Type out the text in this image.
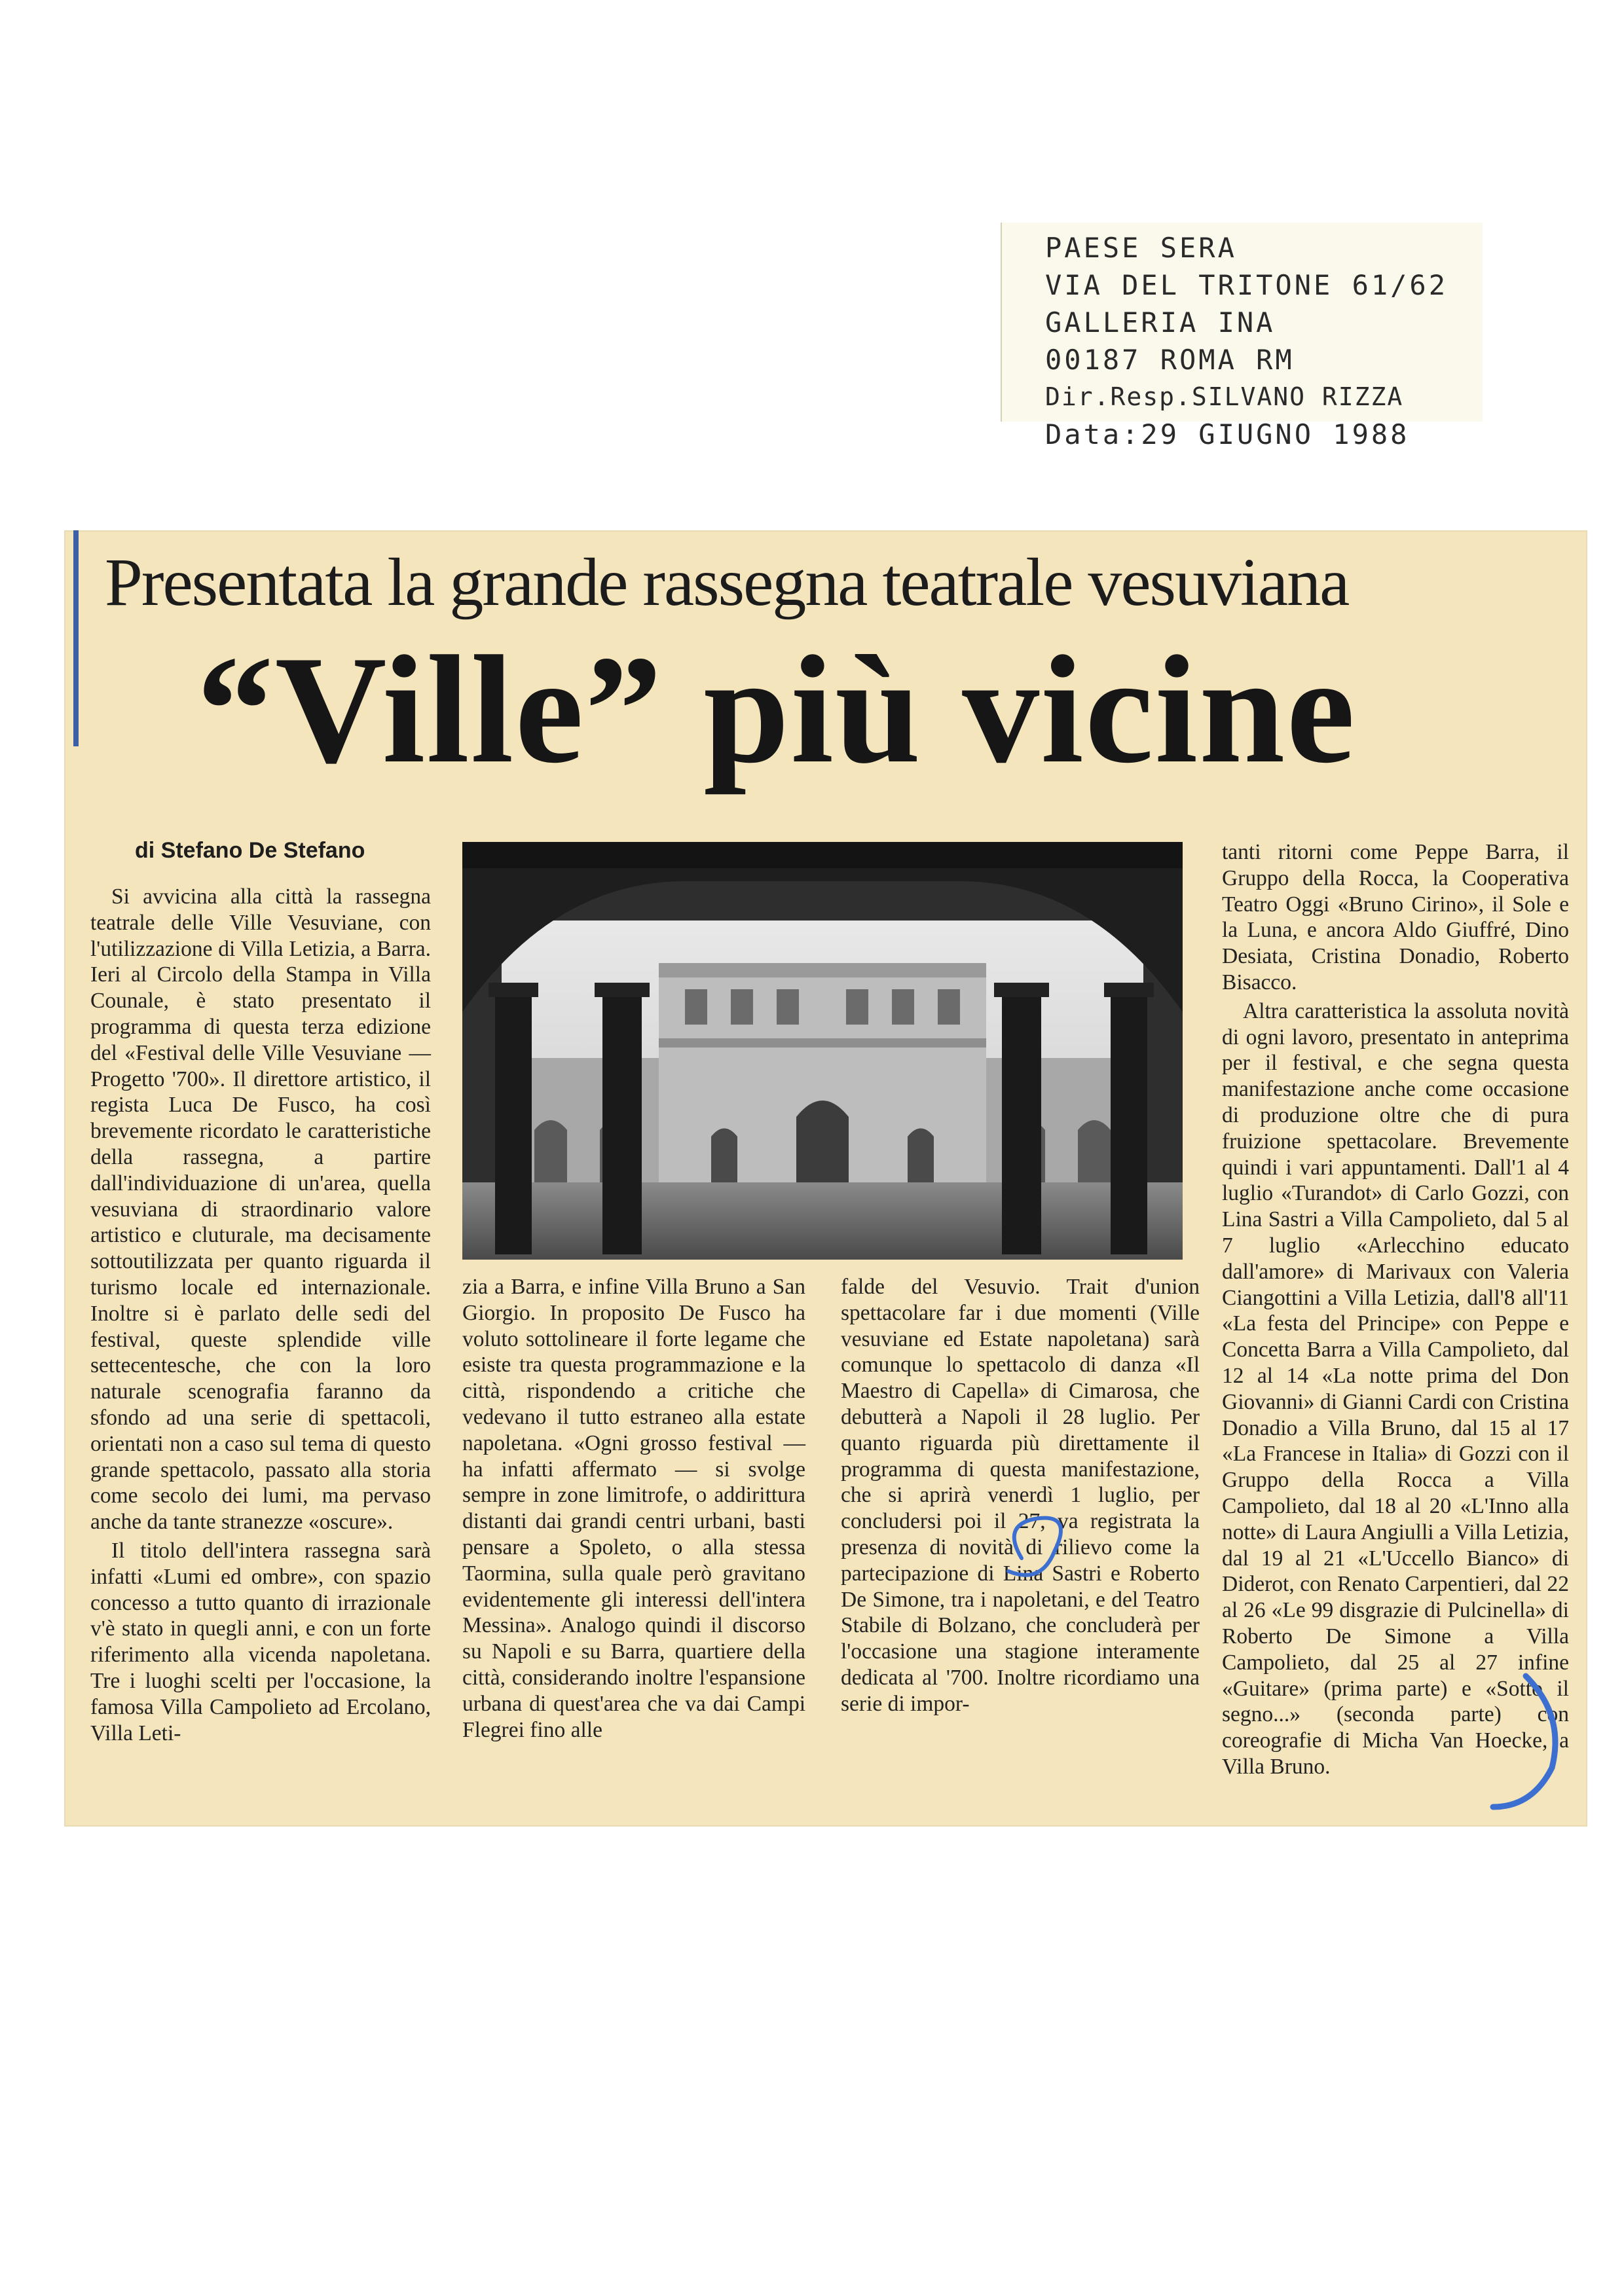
PAESE SERA
VIA DEL TRITONE 61/62
GALLERIA INA
00187 ROMA RM
Dir.Resp.SILVANO RIZZA
Data:29 GIUGNO 1988
Presentata la grande rassegna teatrale vesuviana
“Ville” più vicine
di Stefano De Stefano

Si avvicina alla città la rassegna teatrale delle Ville Vesuviane, con l'utilizzazione di Villa Letizia, a Barra. Ieri al Circolo della Stampa in Villa Counale, è stato presentato il programma di questa terza edizione del «Festival delle Ville Vesuviane — Progetto '700». Il direttore artistico, il regista Luca De Fusco, ha così brevemente ricordato le caratteristiche della rassegna, a partire dall'individuazione di un'area, quella vesuviana di straordinario valore artistico e cluturale, ma decisamente sottoutilizzata per quanto riguarda il turismo locale ed internazionale. Inoltre si è parlato delle sedi del festival, queste splendide ville settecentesche, che con la loro naturale scenografia faranno da sfondo ad una serie di spettacoli, orientati non a caso sul tema di questo grande spettacolo, passato alla storia come secolo dei lumi, ma pervaso anche da tante stranezze «oscure».

Il titolo dell'intera rassegna sarà infatti «Lumi ed ombre», con spazio concesso a tutto quanto di irrazionale v'è stato in quegli anni, e con un forte riferimento alla vicenda napoletana. Tre i luoghi scelti per l'occasione, la famosa Villa Campolieto ad Ercolano, Villa Leti-

zia a Barra, e infine Villa Bruno a San Giorgio. In proposito De Fusco ha voluto sottolineare il forte legame che esiste tra questa programmazione e la città, rispondendo a critiche che vedevano il tutto estraneo alla estate napoletana. «Ogni grosso festival — ha infatti affermato — si svolge sempre in zone limitrofe, o addirittura distanti dai grandi centri urbani, basti pensare a Spoleto, o alla stessa Taormina, sulla quale però gravitano evidentemente gli interessi dell'intera Messina». Analogo quindi il discorso su Napoli e su Barra, quartiere della città, considerando inoltre l'espansione urbana di quest'area che va dai Campi Flegrei fino alle

falde del Vesuvio. Trait d'union spettacolare far i due momenti (Ville vesuviane ed Estate napoletana) sarà comunque lo spettacolo di danza «Il Maestro di Capella» di Cimarosa, che debutterà a Napoli il 28 luglio. Per quanto riguarda più direttamente il programma di questa manifestazione, che si aprirà venerdì 1 luglio, per concludersi poi il 27, va registrata la presenza di novità di rilievo come la partecipazione di Lina Sastri e Roberto De Simone, tra i napoletani, e del Teatro Stabile di Bolzano, che concluderà per l'occasione una stagione interamente dedicata al '700. Inoltre ricordiamo una serie di impor-

tanti ritorni come Peppe Barra, il Gruppo della Rocca, la Cooperativa Teatro Oggi «Bruno Cirino», il Sole e la Luna, e ancora Aldo Giuffré, Dino Desiata, Cristina Donadio, Roberto Bisacco.

Altra caratteristica la assoluta novità di ogni lavoro, presentato in anteprima per il festival, e che segna questa manifestazione anche come occasione di produzione oltre che di pura fruizione spettacolare. Brevemente quindi i vari appuntamenti. Dall'1 al 4 luglio «Turandot» di Carlo Gozzi, con Lina Sastri a Villa Campolieto, dal 5 al 7 luglio «Arlecchino educato dall'amore» di Marivaux con Valeria Ciangottini a Villa Letizia, dall'8 all'11 «La festa del Principe» con Peppe e Concetta Barra a Villa Campolieto, dal 12 al 14 «La notte prima del Don Giovanni» di Gianni Cardi con Cristina Donadio a Villa Bruno, dal 15 al 17 «La Francese in Italia» di Gozzi con il Gruppo della Rocca a Villa Campolieto, dal 18 al 20 «L'Inno alla notte» di Laura Angiulli a Villa Letizia, dal 19 al 21 «L'Uccello Bianco» di Diderot, con Renato Carpentieri, dal 22 al 26 «Le 99 disgrazie di Pulcinella» di Roberto De Simone a Villa Campolieto, dal 25 al 27 infine «Guitare» (prima parte) e «Sotto il segno...» (seconda parte) con coreografie di Micha Van Hoecke, a Villa Bruno.
